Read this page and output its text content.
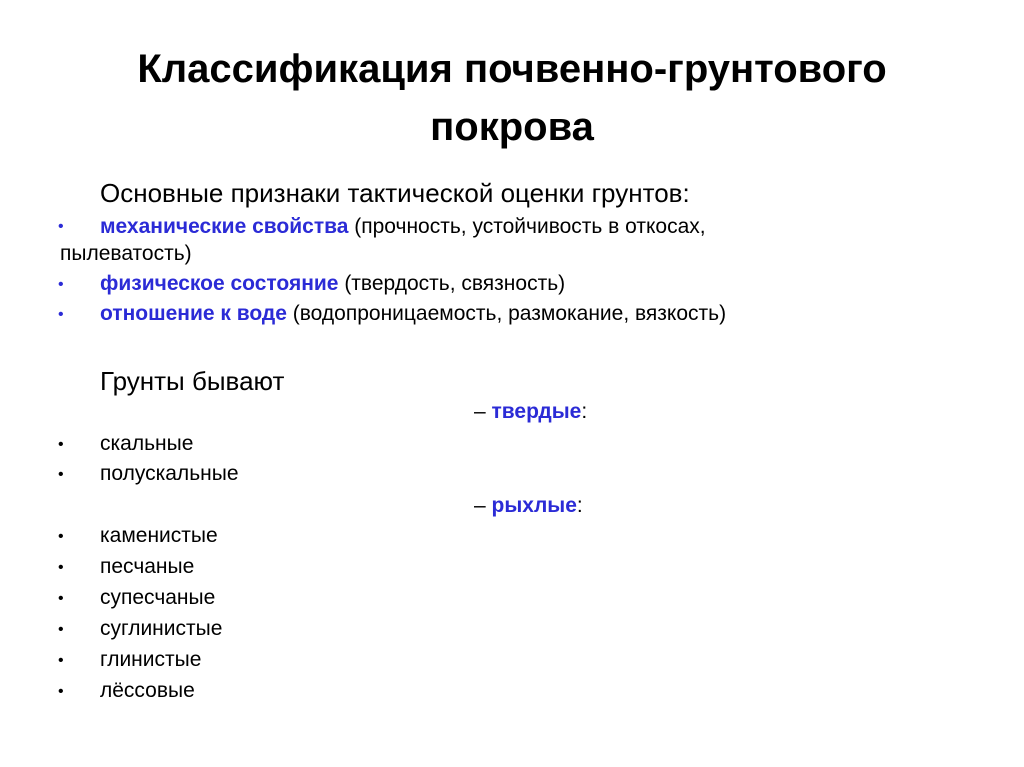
Классификация почвенно-грунтового
покрова
Основные признаки тактической оценки грунтов:
• механические свойства (прочность, устойчивость в откосах,
пылеватость)
• физическое состояние (твердость, связность)
• отношение к воде (водопроницаемость, размокание, вязкость)
Грунты бывают
– твердые:
• скальные
• полускальные
– рыхлые:
• каменистые
• песчаные
• супесчаные
• суглинистые
• глинистые
• лёссовые
